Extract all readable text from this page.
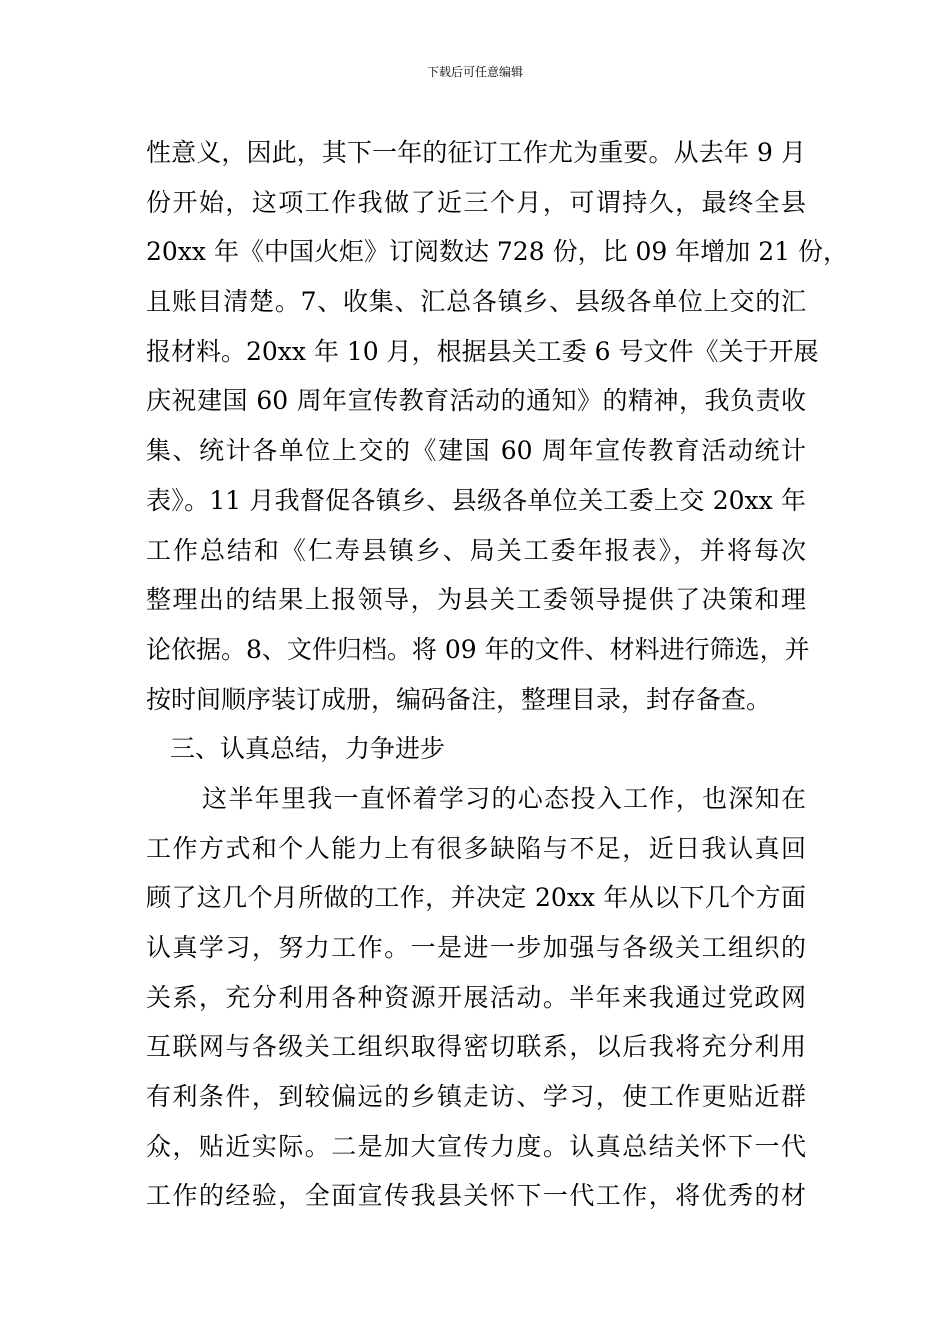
下载后可任意编辑
性意义，因此，其下一年的征订工作尤为重要。从去年 9 月
份开始，这项工作我做了近三个月，可谓持久，最终全县
20xx 年《中国火炬》订阅数达 728 份，比 09 年增加 21 份，
且账目清楚。7、收集、汇总各镇乡、县级各单位上交的汇
报材料。20xx 年 10 月，根据县关工委 6 号文件《关于开展
庆祝建国 60 周年宣传教育活动的通知》的精神，我负责收
集、统计各单位上交的《建国 60 周年宣传教育活动统计
表》。11 月我督促各镇乡、县级各单位关工委上交 20xx 年
工作总结和《仁寿县镇乡、局关工委年报表》，并将每次
整理出的结果上报领导，为县关工委领导提供了决策和理
论依据。8、文件归档。将 09 年的文件、材料进行筛选，并
按时间顺序装订成册，编码备注，整理目录，封存备查。
三、认真总结，力争进步
这半年里我一直怀着学习的心态投入工作，也深知在
工作方式和个人能力上有很多缺陷与不足，近日我认真回
顾了这几个月所做的工作，并决定 20xx 年从以下几个方面
认真学习，努力工作。一是进一步加强与各级关工组织的
关系，充分利用各种资源开展活动。半年来我通过党政网
互联网与各级关工组织取得密切联系，以后我将充分利用
有利条件，到较偏远的乡镇走访、学习，使工作更贴近群
众，贴近实际。二是加大宣传力度。认真总结关怀下一代
工作的经验，全面宣传我县关怀下一代工作，将优秀的材
